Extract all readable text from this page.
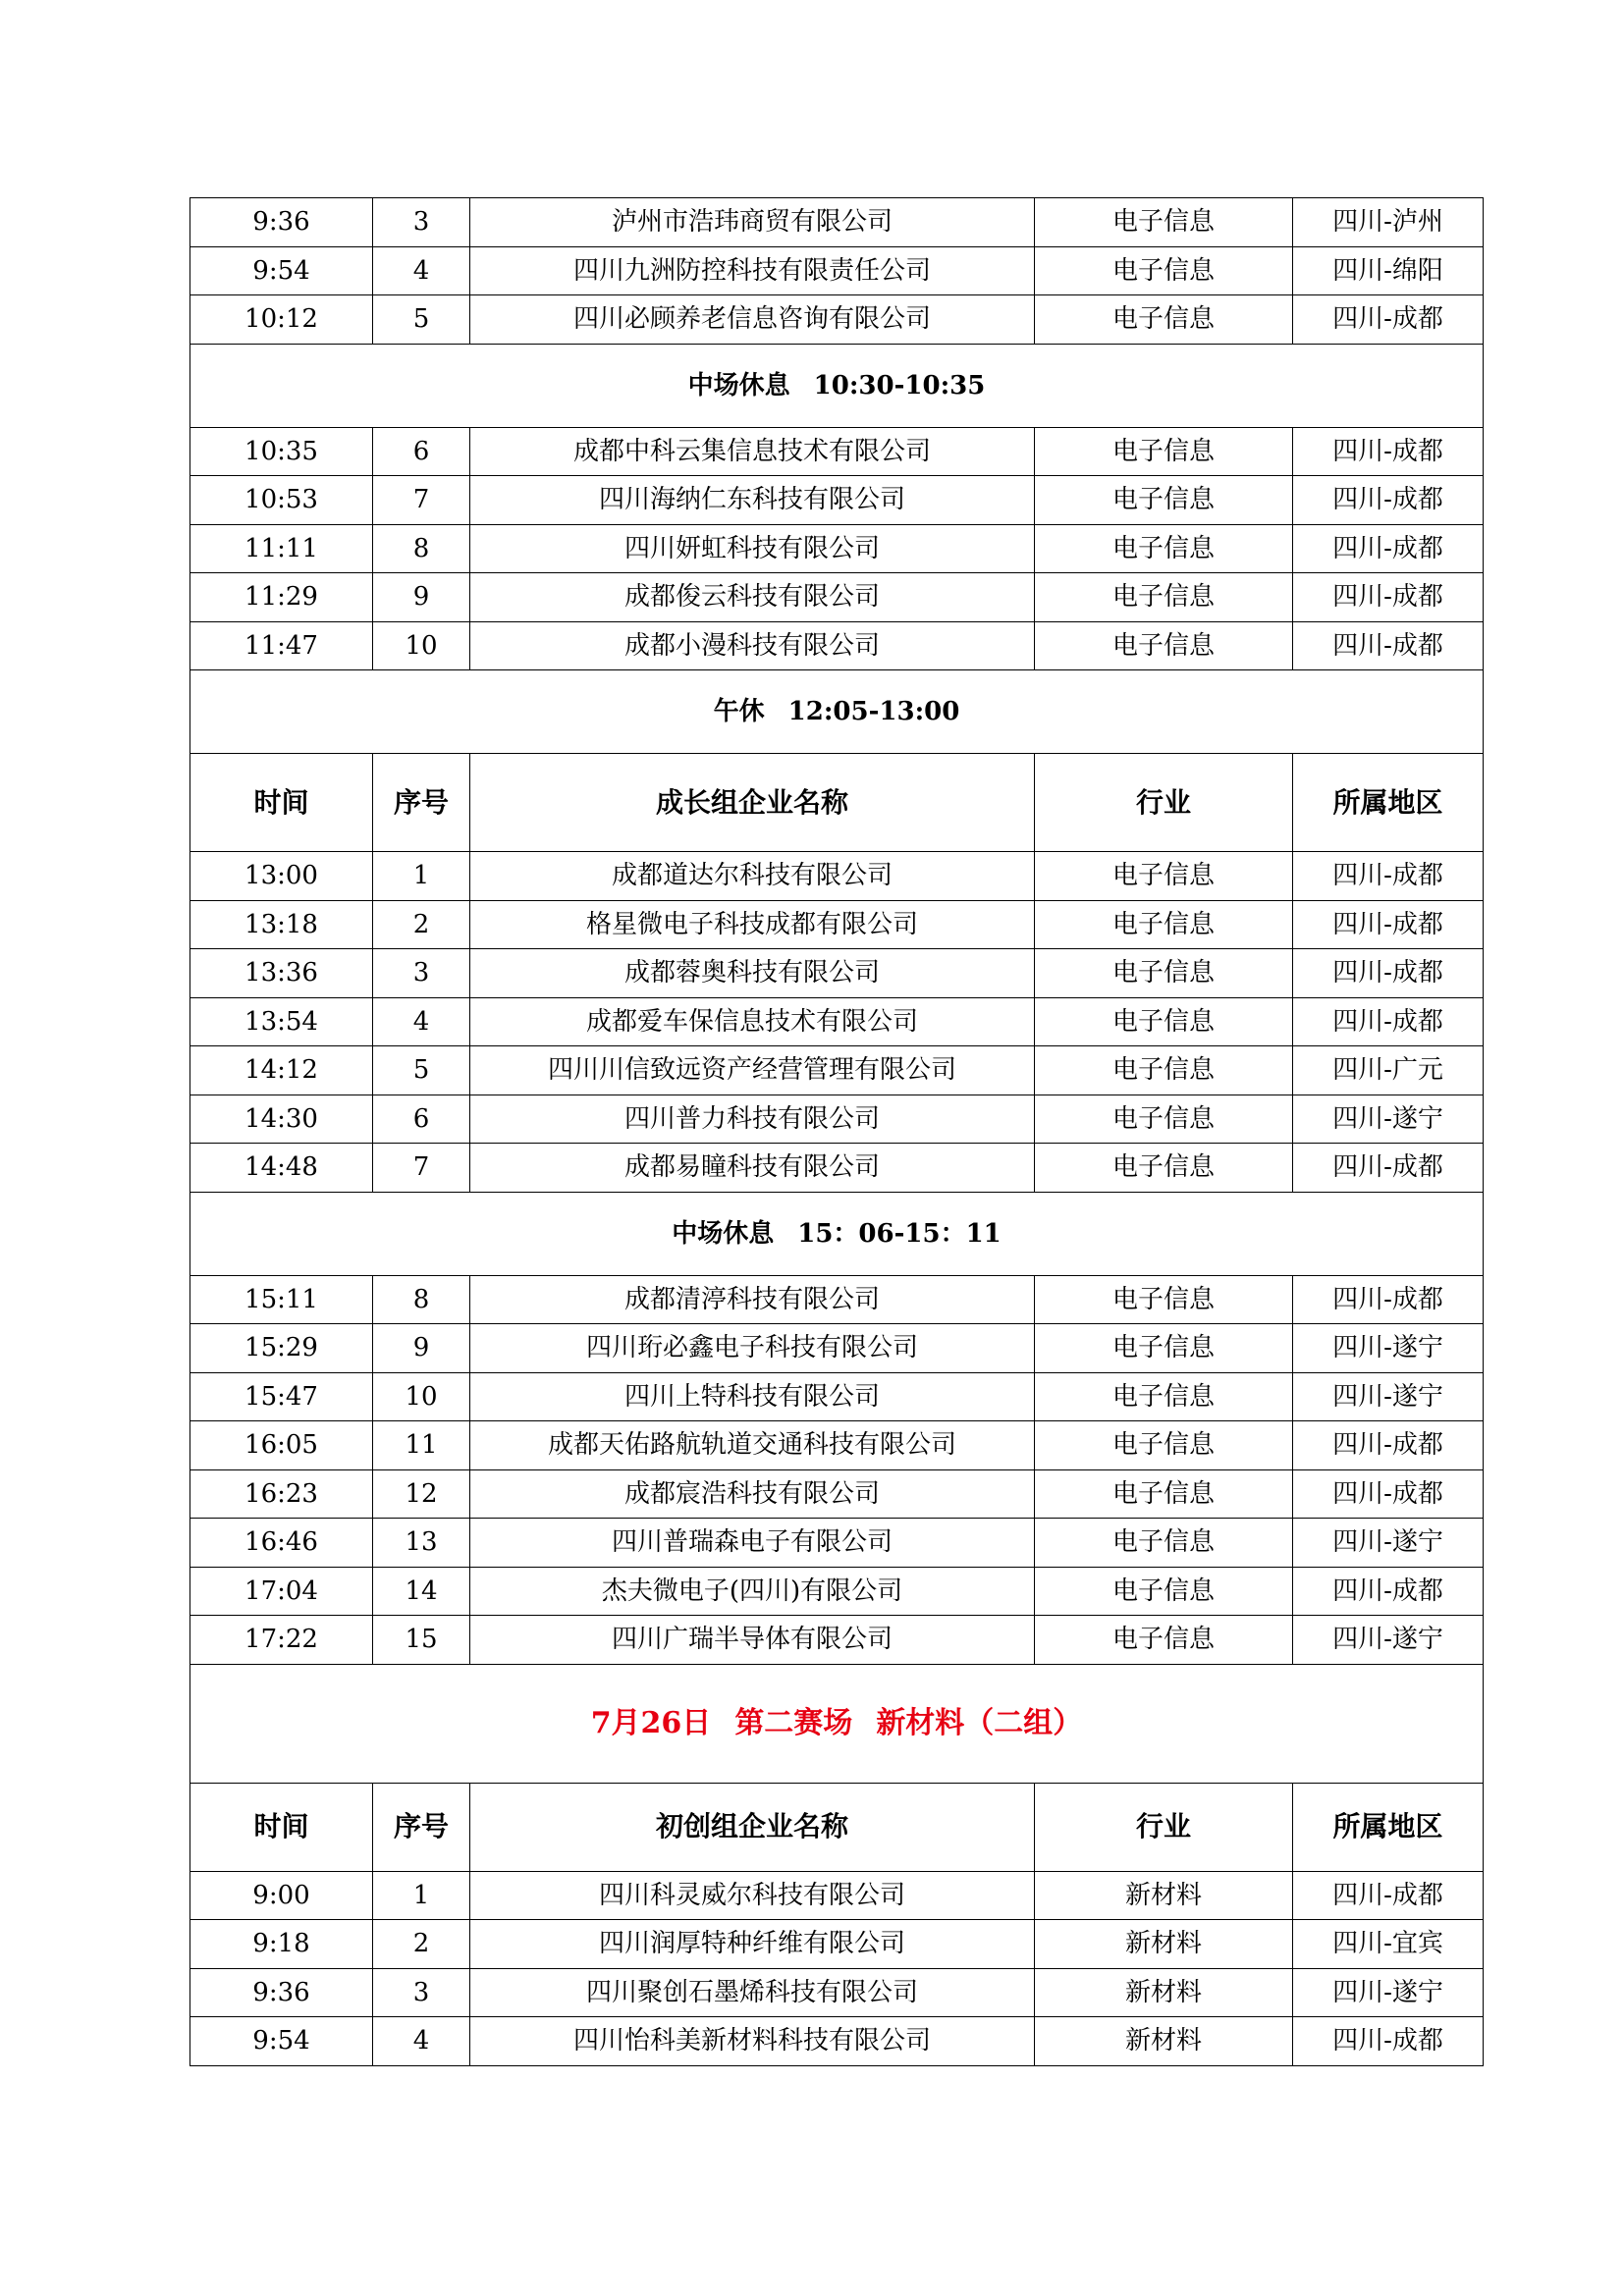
9:36	3	泸州市浩玮商贸有限公司	电子信息	四川-泸州
9:54	4	四川九洲防控科技有限责任公司	电子信息	四川-绵阳
10:12	5	四川必顾养老信息咨询有限公司	电子信息	四川-成都
中场休息 10:30-10:35				
10:35	6	成都中科云集信息技术有限公司	电子信息	四川-成都
10:53	7	四川海纳仁东科技有限公司	电子信息	四川-成都
11:11	8	四川妍虹科技有限公司	电子信息	四川-成都
11:29	9	成都俊云科技有限公司	电子信息	四川-成都
11:47	10	成都小漫科技有限公司	电子信息	四川-成都
午休 12:05-13:00				
时间	序号	成长组企业名称	行业	所属地区
13:00	1	成都道达尔科技有限公司	电子信息	四川-成都
13:18	2	格星微电子科技成都有限公司	电子信息	四川-成都
13:36	3	成都蓉奥科技有限公司	电子信息	四川-成都
13:54	4	成都爱车保信息技术有限公司	电子信息	四川-成都
14:12	5	四川川信致远资产经营管理有限公司	电子信息	四川-广元
14:30	6	四川普力科技有限公司	电子信息	四川-遂宁
14:48	7	成都易瞳科技有限公司	电子信息	四川-成都
中场休息 15：06-15：11				
15:11	8	成都清渟科技有限公司	电子信息	四川-成都
15:29	9	四川珩必鑫电子科技有限公司	电子信息	四川-遂宁
15:47	10	四川上特科技有限公司	电子信息	四川-遂宁
16:05	11	成都天佑路航轨道交通科技有限公司	电子信息	四川-成都
16:23	12	成都宸浩科技有限公司	电子信息	四川-成都
16:46	13	四川普瑞森电子有限公司	电子信息	四川-遂宁
17:04	14	杰夫微电子(四川)有限公司	电子信息	四川-成都
17:22	15	四川广瑞半导体有限公司	电子信息	四川-遂宁
7月26日 第二赛场 新材料（二组）				
时间	序号	初创组企业名称	行业	所属地区
9:00	1	四川科灵威尔科技有限公司	新材料	四川-成都
9:18	2	四川润厚特种纤维有限公司	新材料	四川-宜宾
9:36	3	四川聚创石墨烯科技有限公司	新材料	四川-遂宁
9:54	4	四川怡科美新材料科技有限公司	新材料	四川-成都
